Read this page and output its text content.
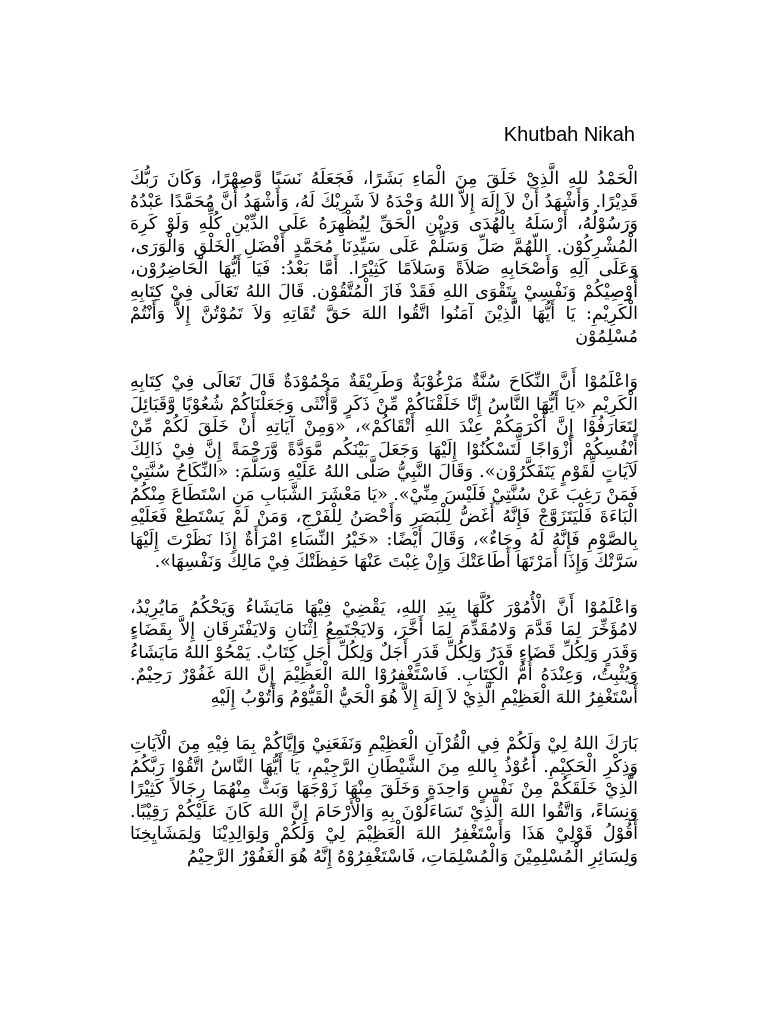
Khutbah Nikah

الْحَمْدُ للهِ الَّذِيْ خَلَقَ مِنَ الْمَاءِ بَشَرًا، فَجَعَلَهُ نَسَبًا وَّصِهْرًا، وَكَانَ رَبُّكَ قَدِيْرًا. وَأَشْهَدُ أَنْ لاَ إِلَهَ إِلاَّ اللهُ وَحْدَهُ لاَ شَرِيْكَ لَهُ، وَأَشْهَدُ أَنَّ مُحَمَّدًا عَبْدُهُ وَرَسُوْلُهُ، أَرْسَلَهُ بِالْهُدَى وَدِيْنِ الْحَقِّ لِيُظْهِرَهُ عَلَى الدِّيْنِ كُلِّهِ وَلَوْ كَرِهَ الْمُشْرِكُوْن. اللّهُمَّ صَلِّ وَسَلِّمْ عَلَى سَيِّدِنَا مُحَمَّدٍ أَفْضَلِ الْخَلْقِ وَالْوَرَى، وَعَلَى آلِهِ وَأَصْحَابِهِ صَلاَةً وَسَلاَمًا كَثِيْرًا. أَمَّا بَعْدُ: فَيَا أَيُّهَا الْحَاضِرُوْن، أُوْصِيْكُمْ وَنَفْسِيْ بِتَقْوَى اللهِ فَقَدْ فَازَ الْمُتَّقُوْن. قَالَ اللهُ تَعَالَى فِيْ كِتَابِهِ الْكَرِيْمِ: يَا أَيُّهَا الَّذِيْنَ آمَنُوا اتَّقُوا اللهَ حَقَّ تُقَاتِهِ وَلاَ تَمُوْتُنَّ إِلاَّ وَأَنْتُمْ مُسْلِمُوْن

وَاعْلَمُوْا أَنَّ النِّكَاحَ سُنَّةٌ مَرْغُوْبَةٌ وَطَرِيْقَةٌ مَحْمُوْدَةٌ قَالَ تَعَالَى فِيْ كِتَابِهِ الْكَرِيْمِ «يَا أَيُّهَا النَّاسُ إِنَّا خَلَقْنَاكُمْ مِّنْ ذَكَرٍ وَّأُنْثَى وَجَعَلْنَاكُمْ شُعُوْبًا وَّقَبَائِلَ لِتَعَارَفُوْا إِنَّ أَكْرَمَكُمْ عِنْدَ اللهِ أَتْقَاكُمْ»، «وَمِنْ آيَاتِهِ أَنْ خَلَقَ لَكُمْ مِّنْ أَنْفُسِكُمْ أَزْوَاجًا لِّتَسْكُنُوْا إِلَيْهَا وَجَعَلَ بَيْنَكُم مَّوَدَّةً وَّرَحْمَةً إِنَّ فِيْ ذَالِكَ لَآيَاتٍ لِّقَوْمٍ يَتَفَكَّرُوْن». وَقَالَ النَّبِيُّ صَلَّى اللهُ عَلَيْهِ وَسَلَّمَ: «النِّكَاحُ سُنَّتِيْ فَمَنْ رَغِبَ عَنْ سُنَّتِيْ فَلَيْسَ مِنِّيْ». «يَا مَعْشَرَ الشَّبَابِ مَنِ اسْتَطَاعَ مِنْكُمُ الْبَاءَةَ فَلْيَتَزَوَّجْ فَإِنَّهُ أَغَضُّ لِلْبَصَرِ وَأَحْصَنُ لِلْفَرْجِ، وَمَنْ لَمْ يَسْتَطِعْ فَعَلَيْهِ بِالصَّوْمِ فَإِنَّهُ لَهُ وِجَاءٌ»، وَقَالَ أَيْضًا: «خَيْرُ النِّسَاءِ امْرَأَةٌ إِذَا نَظَرْتَ إِلَيْهَا سَرَّتْكَ وَإِذَا أَمَرْتَهَا أَطَاعَتْكَ وَإِنْ غِبْتَ عَنْهَا حَفِظَتْكَ فِيْ مَالِكَ وَنَفْسِهَا».

وَاعْلَمُوْا أَنَّ الْأُمُوْرَ كُلَّهَا بِيَدِ اللهِ، يَقْضِيْ فِيْهَا مَايَشَاءُ وَيَحْكُمُ مَايُرِيْدُ، لامُؤَخِّرَ لِمَا قَدَّمَ وَلامُقَدِّمَ لِمَا أَخَّرَ، وَلايَجْتَمِعُ اِثْنَانِ وَلايَفْتَرِقَانِ إِلاَّ بِقَضَاءٍ وَقَدَرٍ وَلِكُلِّ قَضَاءٍ قَدَرٌ وَلِكُلِّ قَدَرٍ أَجَلٌ وَلِكُلِّ أَجَلٍ كِتَابٌ. يَمْحُوْ اللهُ مَايَشَاءُ وَيُثْبِتُ، وَعِنْدَهُ أُمُّ الْكِتَابِ. فَاسْتَغْفِرُوْا اللهَ الْعَظِيْمَ إِنَّ اللهَ غَفُوْرٌ رَحِيْمٌ. أَسْتَغْفِرُ اللهَ الْعَظِيْمِ الَّذِيْ لاَ إِلَهَ إِلاَّ هُوَ الْحَيُّ الْقَيُّوْمُ وَأَتُوْبُ إِلَيْهِ

بَارَكَ اللهُ لِيْ وَلَكُمْ فِي الْقُرْآنِ الْعَظِيْمِ وَنَفَعَنِيْ وَإِيَّاكُمْ بِمَا فِيْهِ مِنَ الْآيَاتِ وَذِكْرِ الْحَكِيْمِ. أَعُوْذُ بِاللهِ مِنَ الشَّيْطَانِ الرَّجِيْمِ، يَا أَيُّهَا النَّاسُ اتَّقُوْا رَبَّكُمُ الَّذِيْ خَلَقَكُمْ مِنْ نَفْسٍ وَاحِدَةٍ وَخَلَقَ مِنْهَا زَوْجَهَا وَبَثَّ مِنْهُمَا رِجَالاً كَثِيْرًا وَنِسَاءً، وَاتَّقُوا اللهَ الَّذِيْ تَسَاءَلُوْنَ بِهِ وَالْأَرْحَامَ إِنَّ اللهَ كَانَ عَلَيْكُمْ رَقِيْبًا. أَقُوْلُ قَوْلِيْ هَذَا وَأَسْتَغْفِرُ اللهَ الْعَظِيْمَ لِيْ وَلَكُمْ وَلِوَالِدِيْنَا وَلِمَشَايِخِنَا وَلِسَائِرِ الْمُسْلِمِيْنَ وَالْمُسْلِمَاتِ، فَاسْتَغْفِرُوْهُ إِنَّهُ هُوَ الْغَفُوْرُ الرَّحِيْمُ
